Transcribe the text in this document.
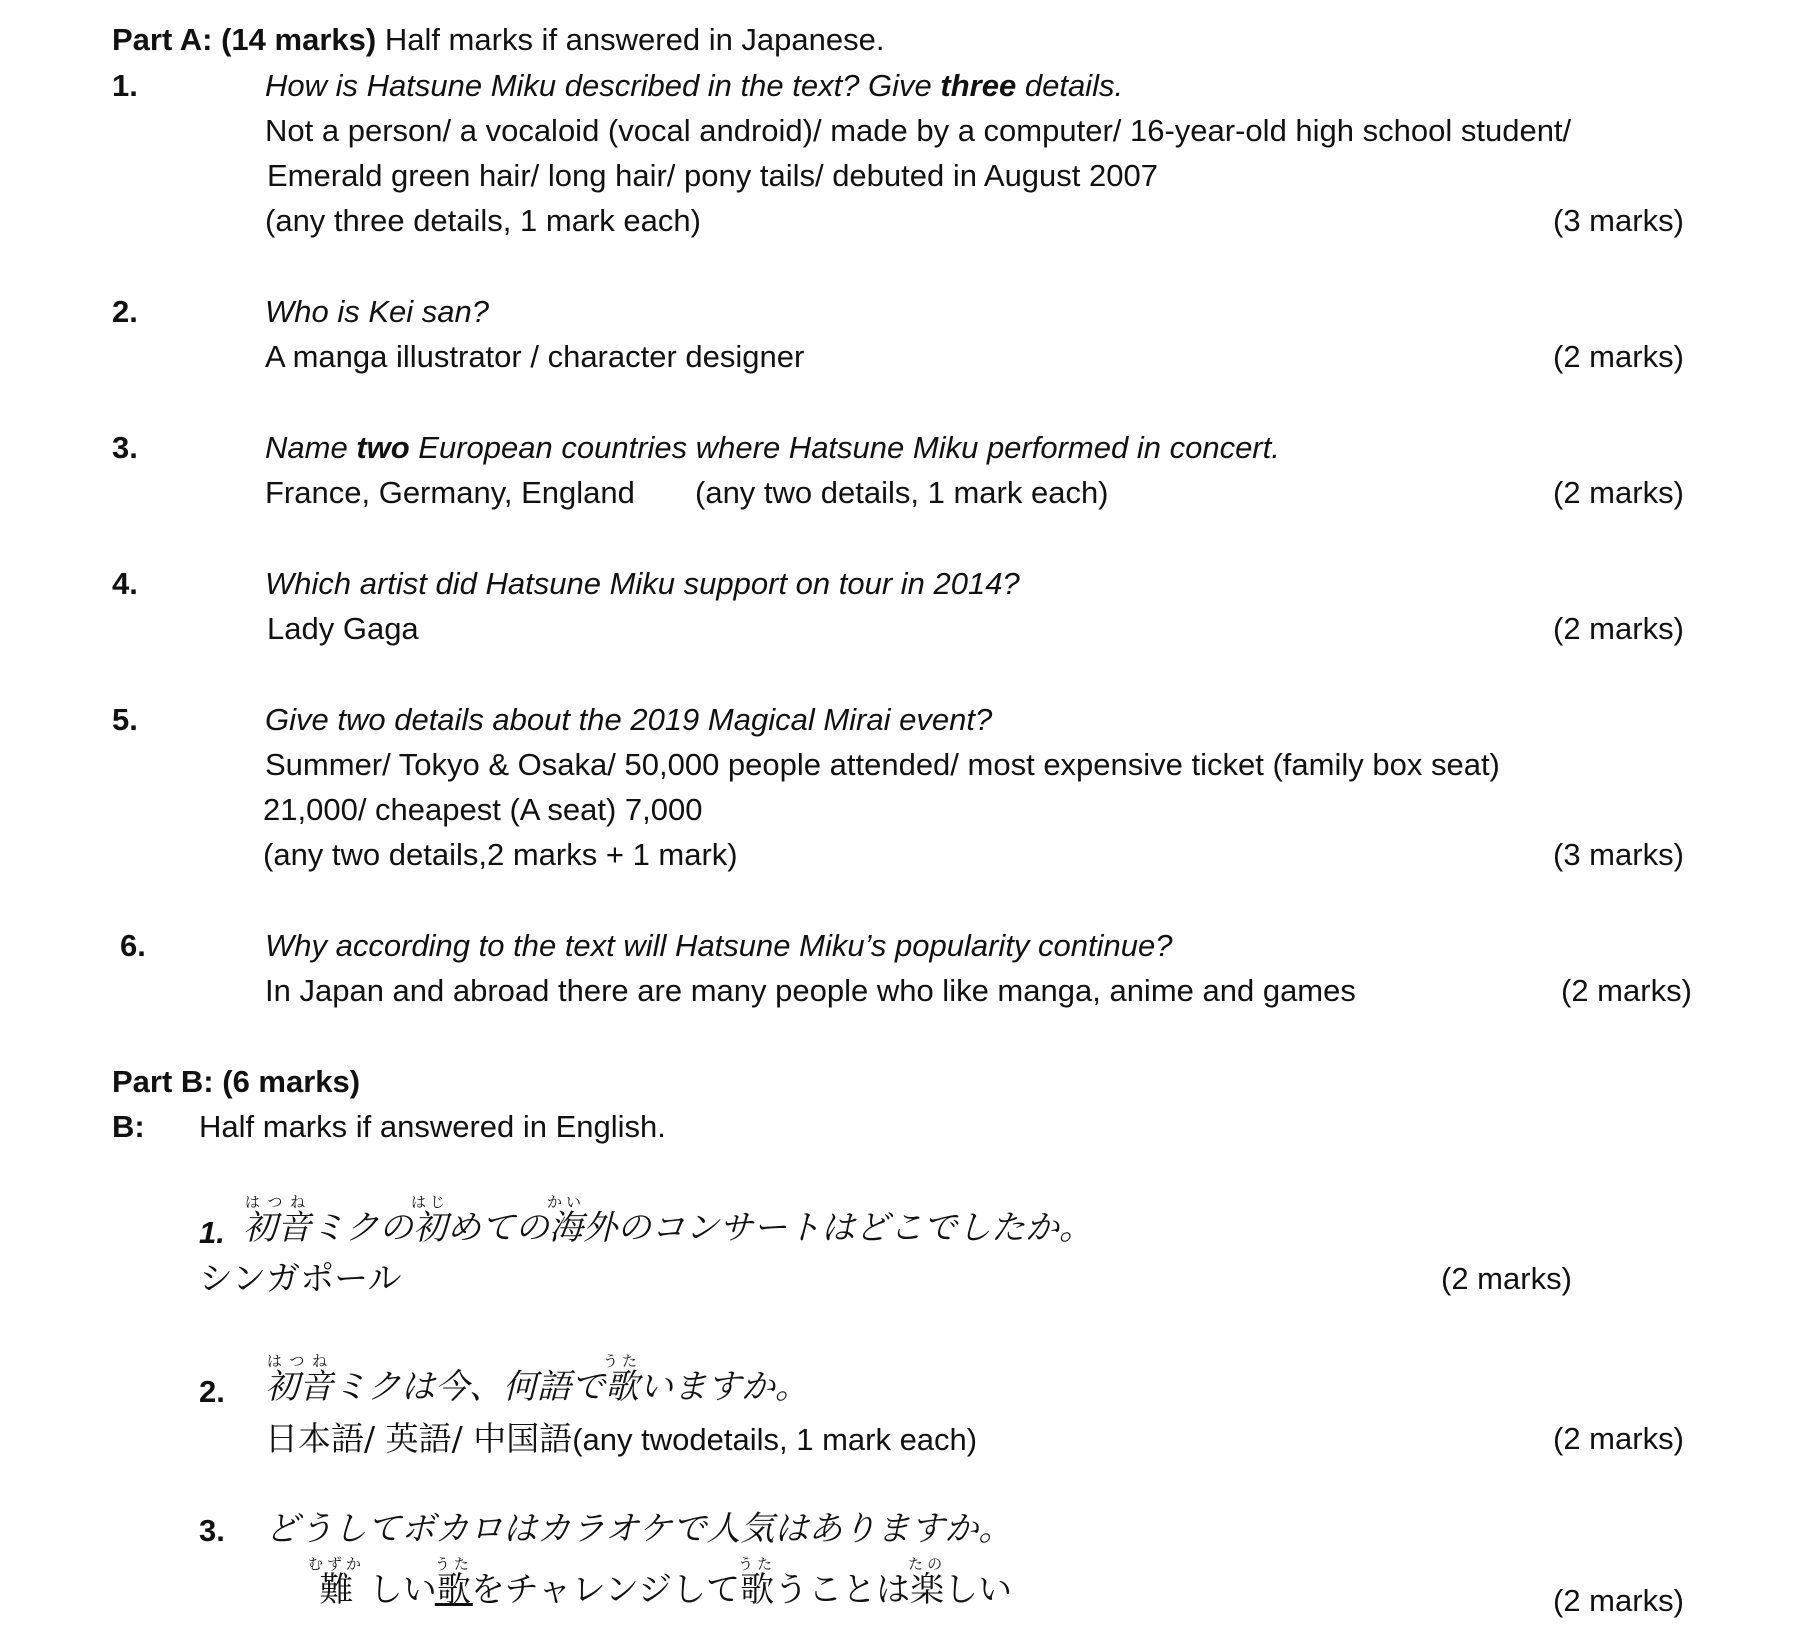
Part A: (14 marks) Half marks if answered in Japanese.
1.	How is Hatsune Miku described in the text? Give three details.
Not a person/ a vocaloid (vocal android)/ made by a computer/ 16-year-old high school student/
Emerald green hair/ long hair/ pony tails/ debuted in August 2007
(any three details, 1 mark each)	(3 marks)
2.	Who is Kei san?
A manga illustrator / character designer	(2 marks)
3.	Name two European countries where Hatsune Miku performed in concert.
France, Germany, England (any two details, 1 mark each)	(2 marks)
4.	Which artist did Hatsune Miku support on tour in 2014?
Lady Gaga	(2 marks)
5.	Give two details about the 2019 Magical Mirai event?
Summer/ Tokyo & Osaka/ 50,000 people attended/ most expensive ticket (family box seat)
21,000/ cheapest (A seat) 7,000
(any two details,2 marks + 1 mark)	(3 marks)
6.	Why according to the text will Hatsune Miku’s popularity continue?
In Japan and abroad there are many people who like manga, anime and games	(2 marks)
Part B: (6 marks)
B: Half marks if answered in English.
1. 初音はつねミクの初はじめての海かい外のコンサートはどこでしたか。
シンガポール	(2 marks)
2. 初音はつねミクは今、何語で歌うたいますか。
日本語/ 英語/ 中国語(any twodetails, 1 mark each)	(2 marks)
3. どうしてボカロはカラオケで人気はありますか。
難むずか しい歌うたをチャレンジして歌うたうことは楽たのしい	(2 marks)
